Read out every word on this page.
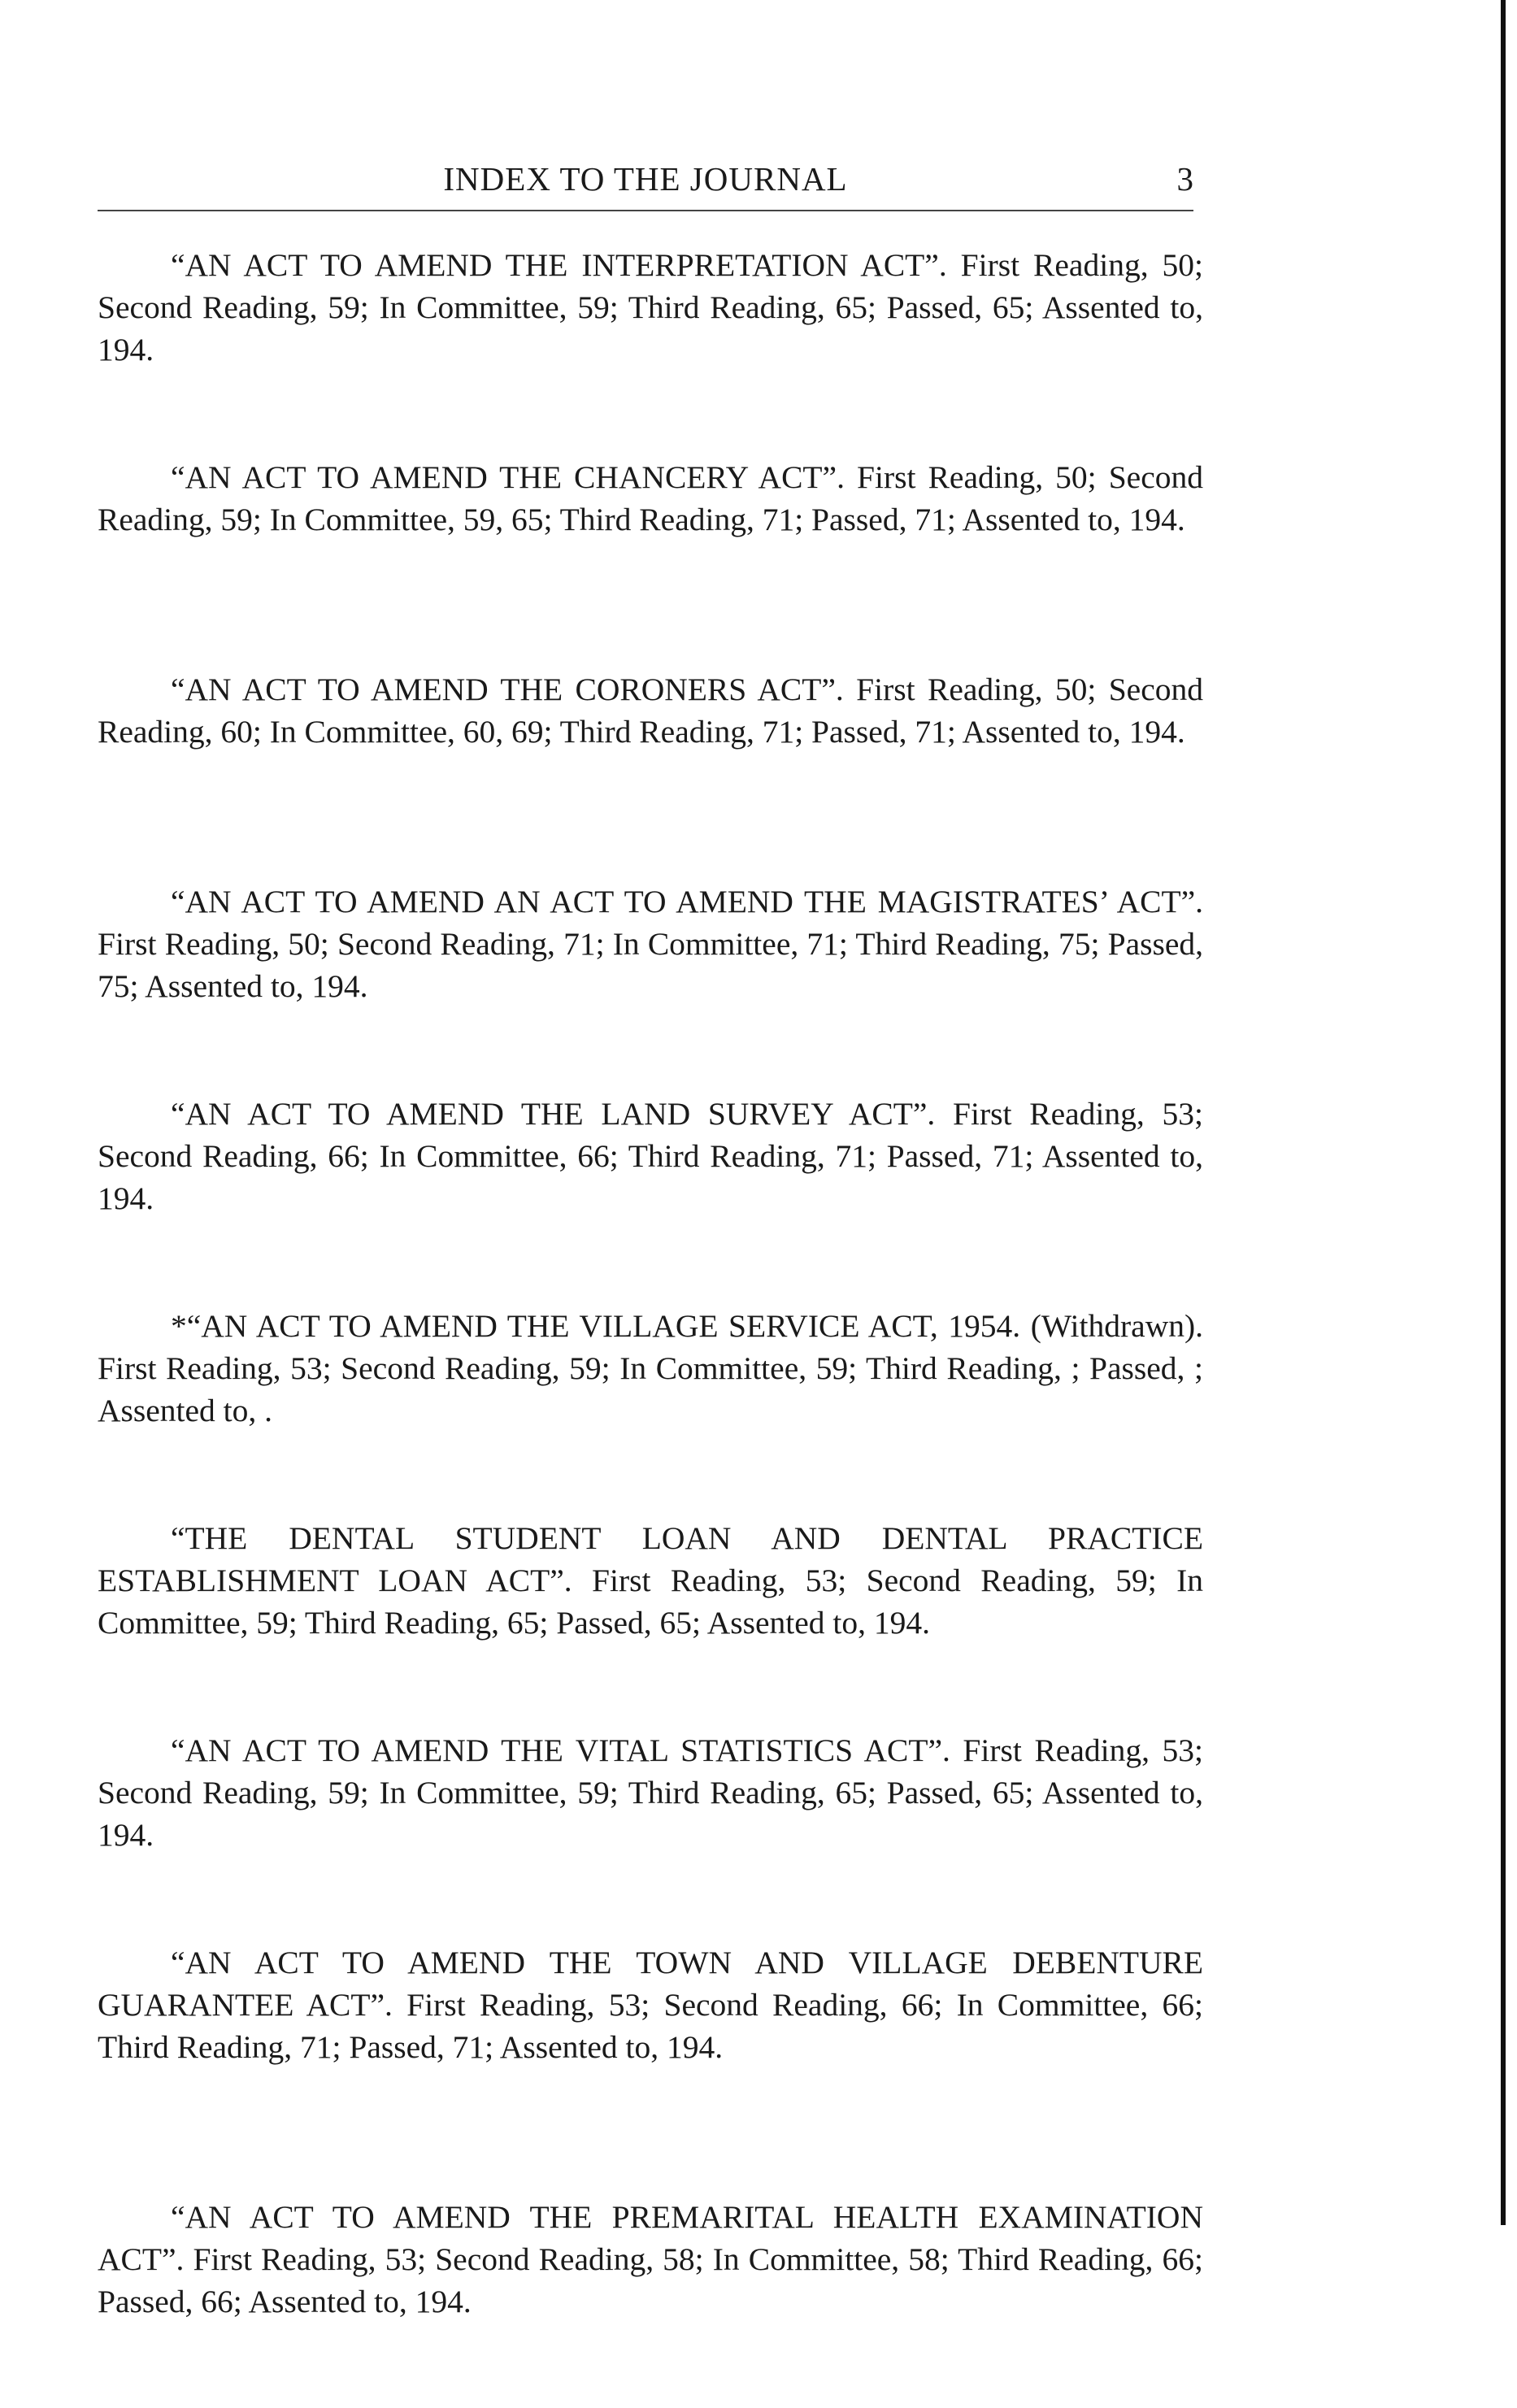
INDEX TO THE JOURNAL	3

“AN ACT TO AMEND THE INTERPRETATION ACT”. First Reading, 50; Second Reading, 59; In Committee, 59; Third Reading, 65; Passed, 65; Assented to, 194.

“AN ACT TO AMEND THE CHANCERY ACT”. First Reading, 50; Second Reading, 59; In Committee, 59, 65; Third Reading, 71; Passed, 71; Assented to, 194.

“AN ACT TO AMEND THE CORONERS ACT”. First Reading, 50; Second Reading, 60; In Committee, 60, 69; Third Reading, 71; Passed, 71; Assented to, 194.

“AN ACT TO AMEND AN ACT TO AMEND THE MAGISTRATES’ ACT”. First Reading, 50; Second Reading, 71; In Committee, 71; Third Reading, 75; Passed, 75; Assented to, 194.

“AN ACT TO AMEND THE LAND SURVEY ACT”. First Reading, 53; Second Reading, 66; In Committee, 66; Third Reading, 71; Passed, 71; Assented to, 194.

*“AN ACT TO AMEND THE VILLAGE SERVICE ACT, 1954. (Withdrawn). First Reading, 53; Second Reading, 59; In Committee, 59; Third Reading, ; Passed, ; Assented to, .

“THE DENTAL STUDENT LOAN AND DENTAL PRACTICE ESTABLISHMENT LOAN ACT”. First Reading, 53; Second Reading, 59; In Committee, 59; Third Reading, 65; Passed, 65; Assented to, 194.

“AN ACT TO AMEND THE VITAL STATISTICS ACT”. First Reading, 53; Second Reading, 59; In Committee, 59; Third Reading, 65; Passed, 65; Assented to, 194.

“AN ACT TO AMEND THE TOWN AND VILLAGE DEBENTURE GUARANTEE ACT”. First Reading, 53; Second Reading, 66; In Committee, 66; Third Reading, 71; Passed, 71; Assented to, 194.

“AN ACT TO AMEND THE PREMARITAL HEALTH EXAMINATION ACT”. First Reading, 53; Second Reading, 58; In Committee, 58; Third Reading, 66; Passed, 66; Assented to, 194.
